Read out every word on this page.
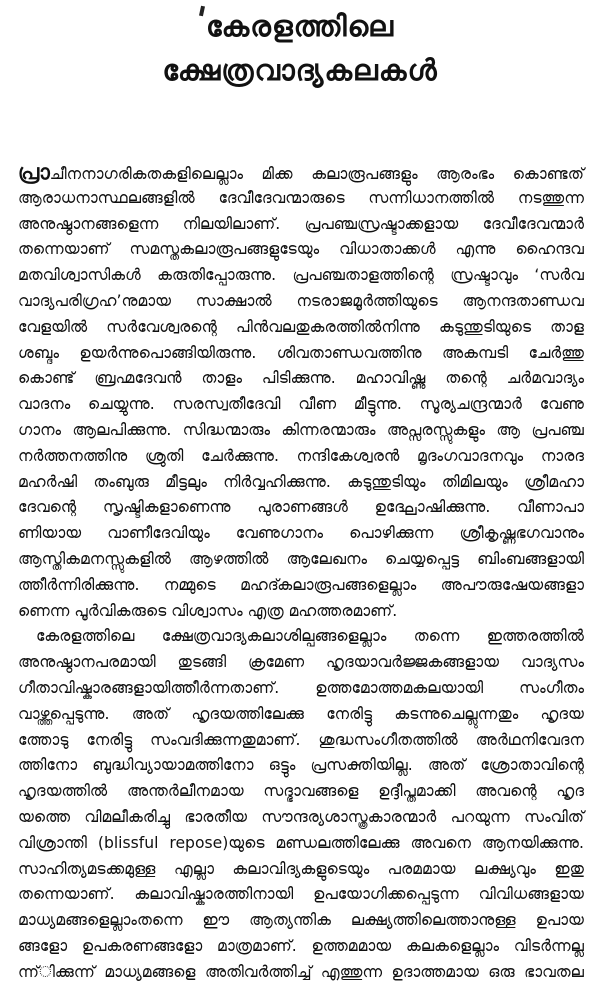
കേരളത്തിലെ
ക്ഷേത്രവാദ്യകലകൾ
പ്രാചീനനാഗരികതകളിലെല്ലാം മിക്ക കലാരൂപങ്ങളും ആരംഭം കൊണ്ടത്
ആരാധനാസ്ഥലങ്ങളിൽ ദേവീദേവന്മാരുടെ സന്നിധാനത്തിൽ നടത്തുന്ന
അനുഷ്ഠാനങ്ങളെന്ന നിലയിലാണ്. പ്രപഞ്ചസ്രഷ്ടാക്കളായ ദേവീദേവന്മാർ
തന്നെയാണ് സമസ്തകലാരൂപങ്ങളുടേയും വിധാതാക്കൾ എന്നു ഹൈന്ദവ
മതവിശ്വാസികൾ കരുതിപ്പോരുന്നു. പ്രപഞ്ചതാളത്തിന്റെ സ്രഷ്ടാവും ‘സർവ
വാദ്യപരിഗ്രഹ’നുമായ സാക്ഷാൽ നടരാജമൂർത്തിയുടെ ആനന്ദതാണ്ഡവ
വേളയിൽ സർവേശ്വരന്റെ പിൻവലതുകരത്തിൽനിന്നു കടുന്തുടിയുടെ താള
ശബ്ദം ഉയർന്നുപൊങ്ങിയിരുന്നു. ശിവതാണ്ഡവത്തിനു അകമ്പടി ചേർത്തു
കൊണ്ട് ബ്രഹ്മദേവൻ താളം പിടിക്കുന്നു. മഹാവിഷ്ണു തന്റെ ചർമവാദ്യം
വാദനം ചെയ്യുന്നു. സരസ്വതീദേവി വീണ മീട്ടുന്നു. സൂര്യചന്ദ്രന്മാർ വേണു
ഗാനം ആലപിക്കുന്നു. സിദ്ധന്മാരും കിന്നരന്മാരും അപ്സരസ്സുകളും ആ പ്രപഞ്ച
നർത്തനത്തിനു ശ്രുതി ചേർക്കുന്നു. നന്ദികേശ്വരൻ മൃദംഗവാദനവും നാരദ
മഹർഷി തംബുരു മീട്ടലും നിർവ്വഹിക്കുന്നു. കടുന്തുടിയും തിമിലയും ശ്രീമഹാ
ദേവന്റെ സൃഷ്ടികളാണെന്നു പുരാണങ്ങൾ ഉദ്ഘോഷിക്കുന്നു. വീണാപാ
ണിയായ വാണീദേവിയും വേണുഗാനം പൊഴിക്കുന്ന ശ്രീകൃഷ്ണഭഗവാനും
ആസ്തികമനസ്സുകളിൽ ആഴത്തിൽ ആലേഖനം ചെയ്യപ്പെട്ട ബിംബങ്ങളായി
ത്തീർന്നിരിക്കുന്നു. നമ്മുടെ മഹദ്കലാരൂപങ്ങളെല്ലാം അപൗരുഷേയങ്ങളാ
ണെന്ന പൂർവികരുടെ വിശ്വാസം എത്ര മഹത്തരമാണ്.
കേരളത്തിലെ ക്ഷേത്രവാദ്യകലാശില്പങ്ങളെല്ലാം തന്നെ ഇത്തരത്തിൽ
അനുഷ്ഠാനപരമായി തുടങ്ങി ക്രമേണ ഹൃദയാവർജ്ജകങ്ങളായ വാദ്യസം
ഗീതാവിഷ്കാരങ്ങളായിത്തീർന്നതാണ്. ഉത്തമോത്തമകലയായി സംഗീതം
വാഴ്ത്തപ്പെടുന്നു. അത് ഹൃദയത്തിലേക്കു നേരിട്ടു കടന്നുചെല്ലുന്നതും ഹൃദയ
ത്തോടു നേരിട്ടു സംവദിക്കുന്നതുമാണ്. ശുദ്ധസംഗീതത്തിൽ അർഥനിവേദന
ത്തിനോ ബുദ്ധിവ്യായാമത്തിനോ ഒട്ടും പ്രസക്തിയില്ല. അത് ശ്രോതാവിന്റെ
ഹൃദയത്തിൽ അന്തർലീനമായ സദ്ഭാവങ്ങളെ ഉദ്ദീപ്തമാക്കി അവന്റെ ഹൃദ
യത്തെ വിമലീകരിച്ചു ഭാരതീയ സൗന്ദര്യശാസ്ത്രകാരന്മാർ പറയുന്ന സംവിത്
വിശ്രാന്തി (blissful repose)യുടെ മണ്ഡലത്തിലേക്കു അവനെ ആനയിക്കുന്നു.
സാഹിത്യമടക്കമുള്ള എല്ലാ കലാവിദ്യകളുടെയും പരമമായ ലക്ഷ്യവും ഇതു
തന്നെയാണ്. കലാവിഷ്കാരത്തിനായി ഉപയോഗിക്കപ്പെടുന്ന വിവിധങ്ങളായ
മാധ്യമങ്ങളെല്ലാംതന്നെ ഈ ആത്യന്തിക ലക്ഷ്യത്തിലെത്താനുള്ള ഉപായ
ങ്ങളോ ഉപകരണങ്ങളോ മാത്രമാണ്. ഉത്തമമായ കലകളെല്ലാം വിടർന്നല്ല
ന്ന്ിക്കുന്ന് മാധ്യമങ്ങളെ അതിവർത്തിച്ച് എത്തുന്ന ഉദാത്തമായ ഒരു ഭാവതല
